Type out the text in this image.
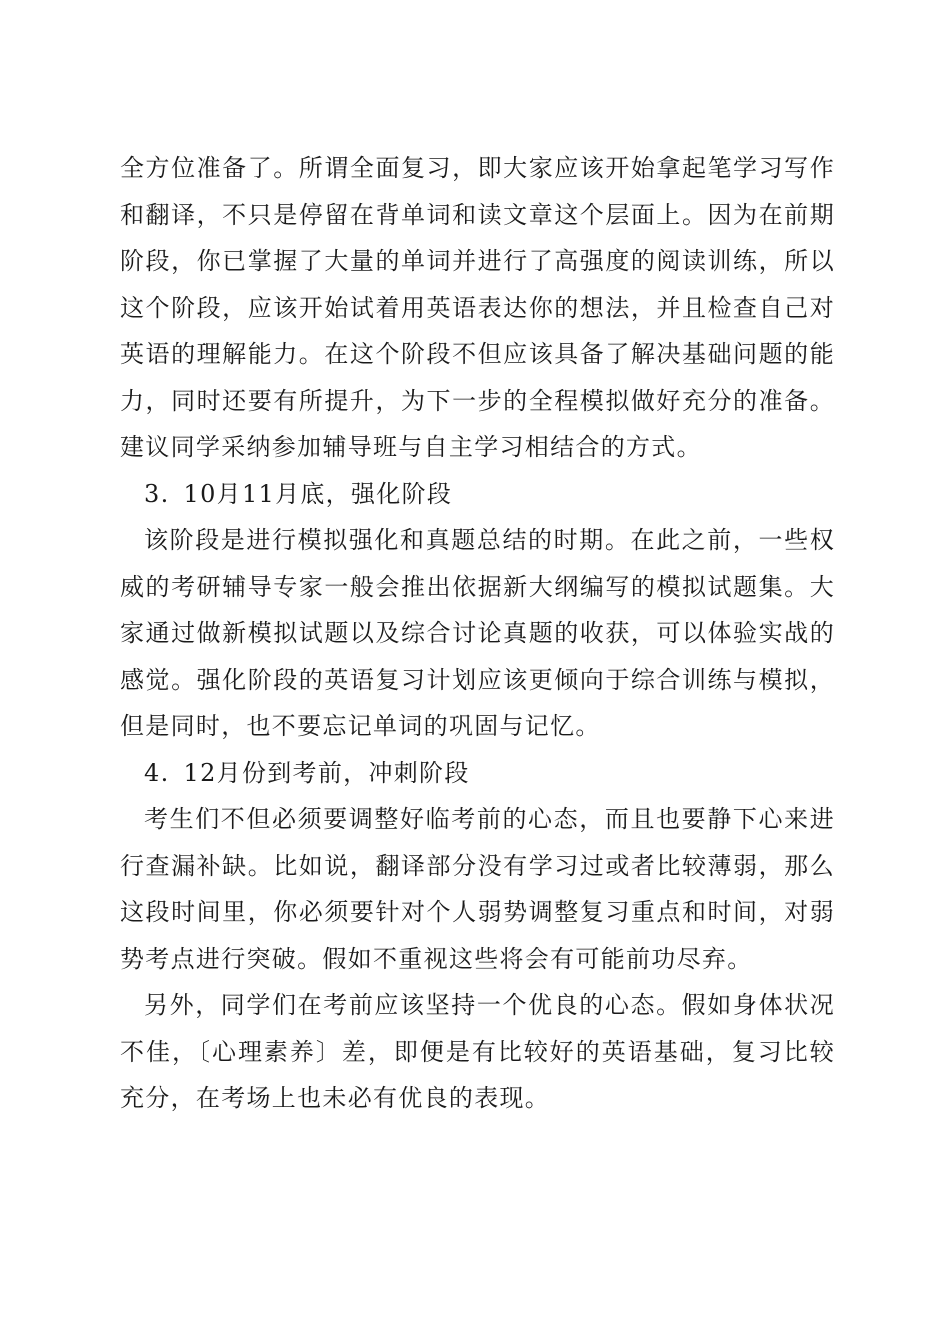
全方位准备了。所谓全面复习，即大家应该开始拿起笔学习写作和翻译，不只是停留在背单词和读文章这个层面上。因为在前期阶段，你已掌握了大量的单词并进行了高强度的阅读训练，所以这个阶段，应该开始试着用英语表达你的想法，并且检查自己对英语的理解能力。在这个阶段不但应该具备了解决基础问题的能力，同时还要有所提升，为下一步的全程模拟做好充分的准备。建议同学采纳参加辅导班与自主学习相结合的方式。

3. 10月11月底，强化阶段

该阶段是进行模拟强化和真题总结的时期。在此之前，一些权威的考研辅导专家一般会推出依据新大纲编写的模拟试题集。大家通过做新模拟试题以及综合讨论真题的收获，可以体验实战的感觉。强化阶段的英语复习计划应该更倾向于综合训练与模拟，但是同时，也不要忘记单词的巩固与记忆。

4. 12月份到考前，冲刺阶段

考生们不但必须要调整好临考前的心态，而且也要静下心来进行查漏补缺。比如说，翻译部分没有学习过或者比较薄弱，那么这段时间里，你必须要针对个人弱势调整复习重点和时间，对弱势考点进行突破。假如不重视这些将会有可能前功尽弃。

另外，同学们在考前应该坚持一个优良的心态。假如身体状况不佳，〔心理素养〕差，即便是有比较好的英语基础，复习比较充分，在考场上也未必有优良的表现。
